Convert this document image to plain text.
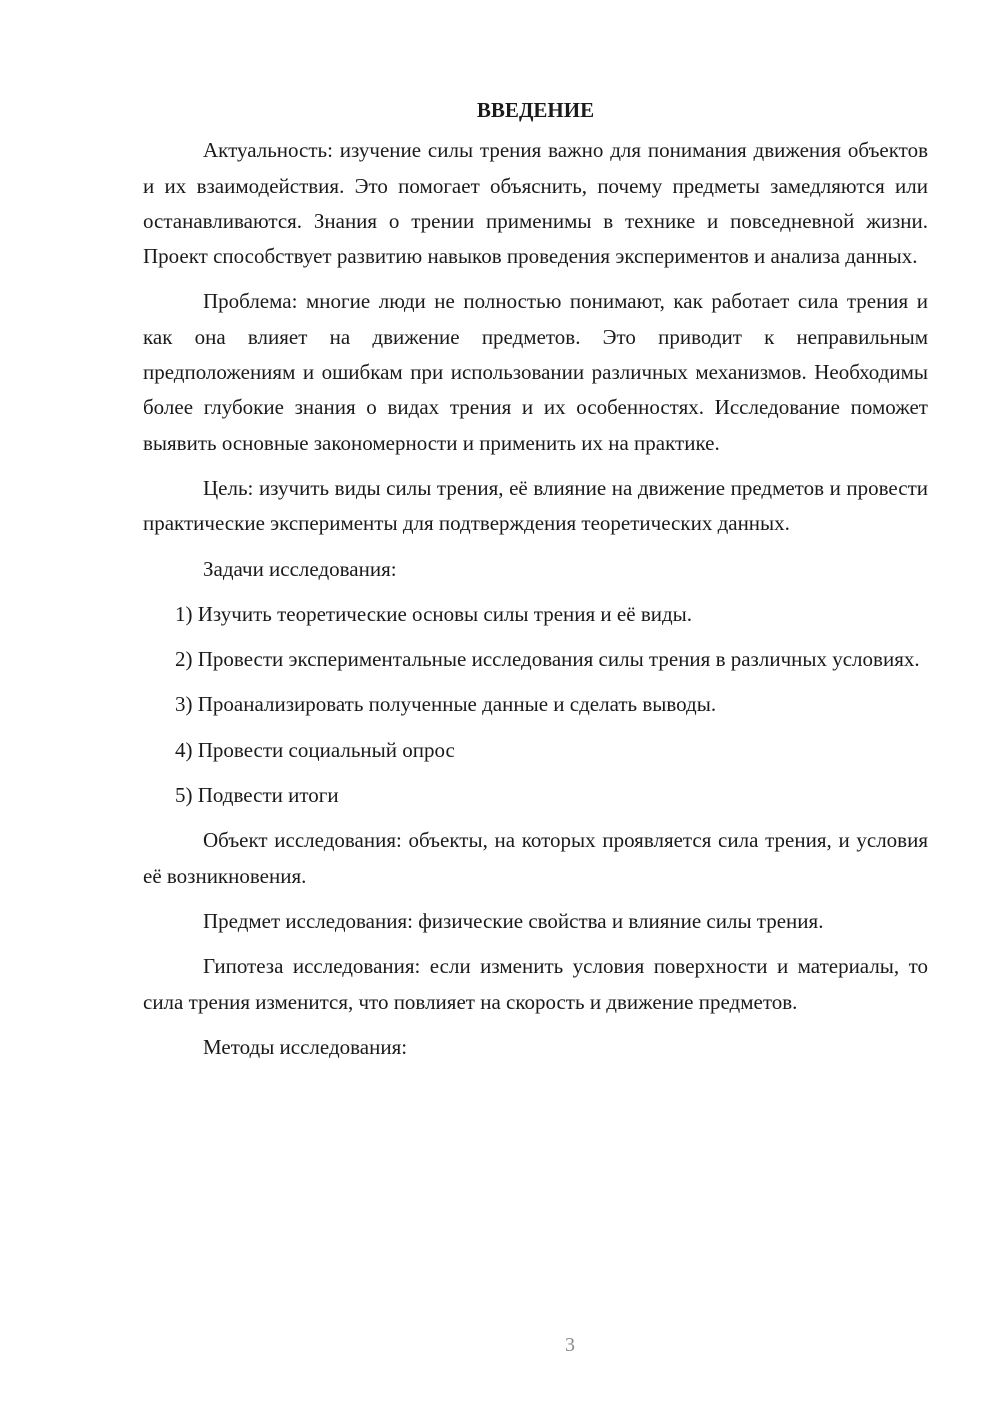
ВВЕДЕНИЕ

Актуальность: изучение силы трения важно для понимания движения объектов и их взаимодействия. Это помогает объяснить, почему предметы замедляются или останавливаются. Знания о трении применимы в технике и повседневной жизни. Проект способствует развитию навыков проведения экспериментов и анализа данных.

Проблема: многие люди не полностью понимают, как работает сила трения и как она влияет на движение предметов. Это приводит к неправильным предположениям и ошибкам при использовании различных механизмов. Необходимы более глубокие знания о видах трения и их особенностях. Исследование поможет выявить основные закономерности и применить их на практике.

Цель: изучить виды силы трения, её влияние на движение предметов и провести практические эксперименты для подтверждения теоретических данных.

Задачи исследования:

1) Изучить теоретические основы силы трения и её виды.

2) Провести экспериментальные исследования силы трения в различных условиях.

3) Проанализировать полученные данные и сделать выводы.

4) Провести социальный опрос

5) Подвести итоги

Объект исследования: объекты, на которых проявляется сила трения, и условия её возникновения.

Предмет исследования: физические свойства и влияние силы трения.

Гипотеза исследования: если изменить условия поверхности и материалы, то сила трения изменится, что повлияет на скорость и движение предметов.

Методы исследования:

3
